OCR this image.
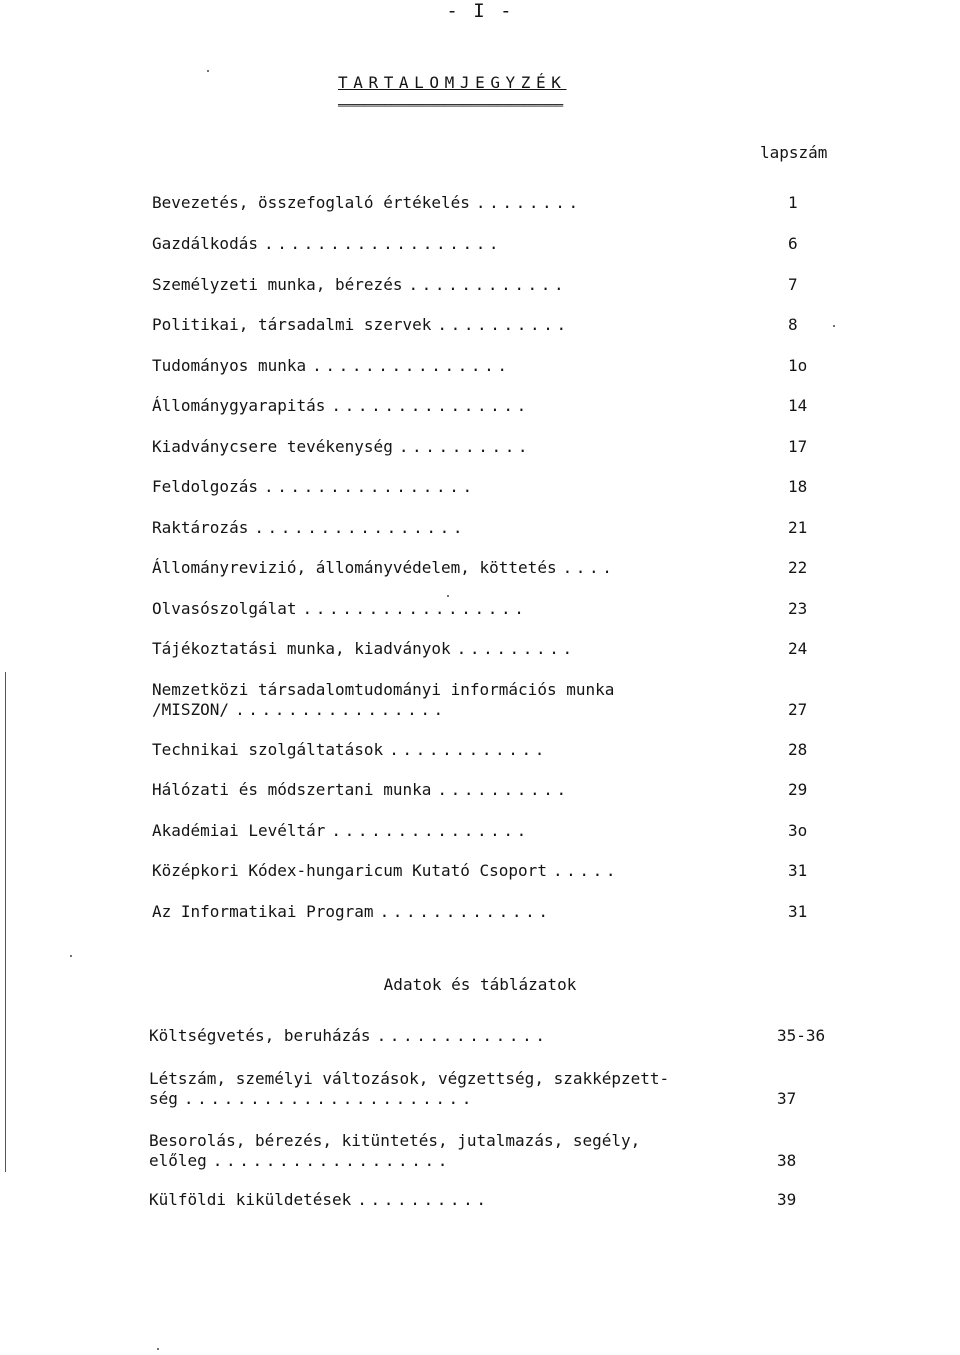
- I -
TARTALOMJEGYZÉK
══════════════════════════════════
lapszám
Bevezetés, összefoglaló értékelés ........	1
Gazdálkodás ..................	6
Személyzeti munka, bérezés ............	7
Politikai, társadalmi szervek ..........	8
Tudományos munka ...............	1o
Állománygyarapitás ...............	14
Kiadványcsere tevékenység ..........	17
Feldolgozás ................	18
Raktározás ................	21
Állományrevizió, állományvédelem, köttetés ....	22
Olvasószolgálat .................	23
Tájékoztatási munka, kiadványok .........	24
Nemzetközi társadalomtudományi információs munka
/MISZON/ ................	27
Technikai szolgáltatások ............	28
Hálózati és módszertani munka ..........	29
Akadémiai Levéltár ...............	3o
Középkori Kódex-hungaricum Kutató Csoport .....	31
Az Informatikai Program .............	31
Adatok és táblázatok
Költségvetés, beruházás .............	35-36
Létszám, személyi változások, végzettség, szakképzett-
ség ......................	37
Besorolás, bérezés, kitüntetés, jutalmazás, segély,
előleg ..................	38
Külföldi kiküldetések ..........	39
